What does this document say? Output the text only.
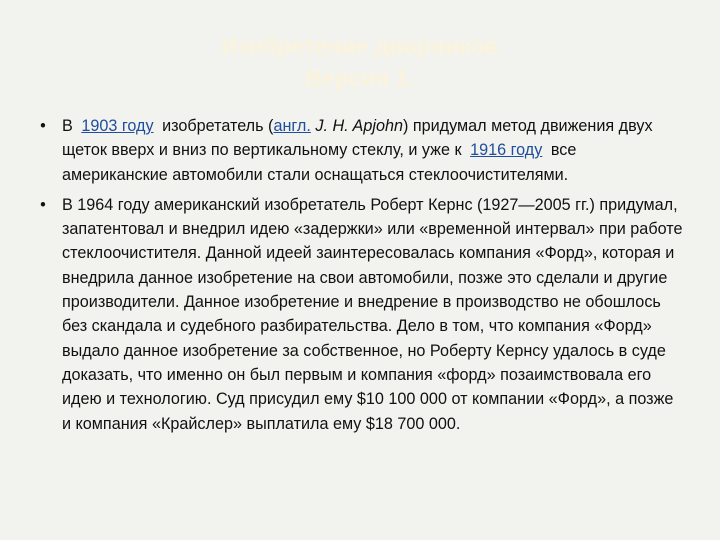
Изобретение дворников
Версия 1.
• В 1903 году изобретатель (англ. J. H. Apjohn) придумал метод движения двух щеток вверх и вниз по вертикальному стеклу, и уже к 1916 году все американские автомобили стали оснащаться стеклоочистителями.
• В 1964 году американский изобретатель Роберт Кернс (1927—2005 гг.) придумал, запатентовал и внедрил идею «задержки» или «временной интервал» при работе стеклоочистителя. Данной идеей заинтересовалась компания «Форд», которая и внедрила данное изобретение на свои автомобили, позже это сделали и другие производители. Данное изобретение и внедрение в производство не обошлось без скандала и судебного разбирательства. Дело в том, что компания «Форд» выдало данное изобретение за собственное, но Роберту Кернсу удалось в суде доказать, что именно он был первым и компания «форд» позаимствовала его идею и технологию. Суд присудил ему $10 100 000 от компании «Форд», а позже и компания «Крайслер» выплатила ему $18 700 000.
